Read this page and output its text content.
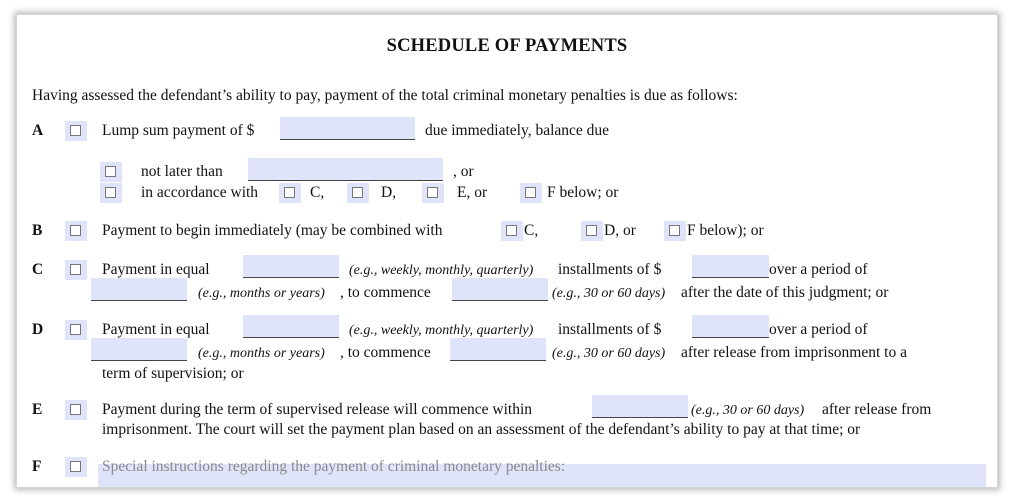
SCHEDULE OF PAYMENTS
Having assessed the defendant’s ability to pay, payment of the total criminal monetary penalties is due as follows:
A	Lump sum payment of $	due immediately, balance due
not later than	, or
in accordance with	C,	D,	E, or	F below; or
B	Payment to begin immediately (may be combined with	C,	D, or	F below); or
C	Payment in equal	(e.g., weekly, monthly, quarterly) installments of $	over a period of
(e.g., months or years) , to commence	(e.g., 30 or 60 days) after the date of this judgment; or
D	Payment in equal	(e.g., weekly, monthly, quarterly) installments of $	over a period of
(e.g., months or years) , to commence	(e.g., 30 or 60 days) after release from imprisonment to a
term of supervision; or
E	Payment during the term of supervised release will commence within	(e.g., 30 or 60 days) after release from
imprisonment. The court will set the payment plan based on an assessment of the defendant’s ability to pay at that time; or
F	Special instructions regarding the payment of criminal monetary penalties:
